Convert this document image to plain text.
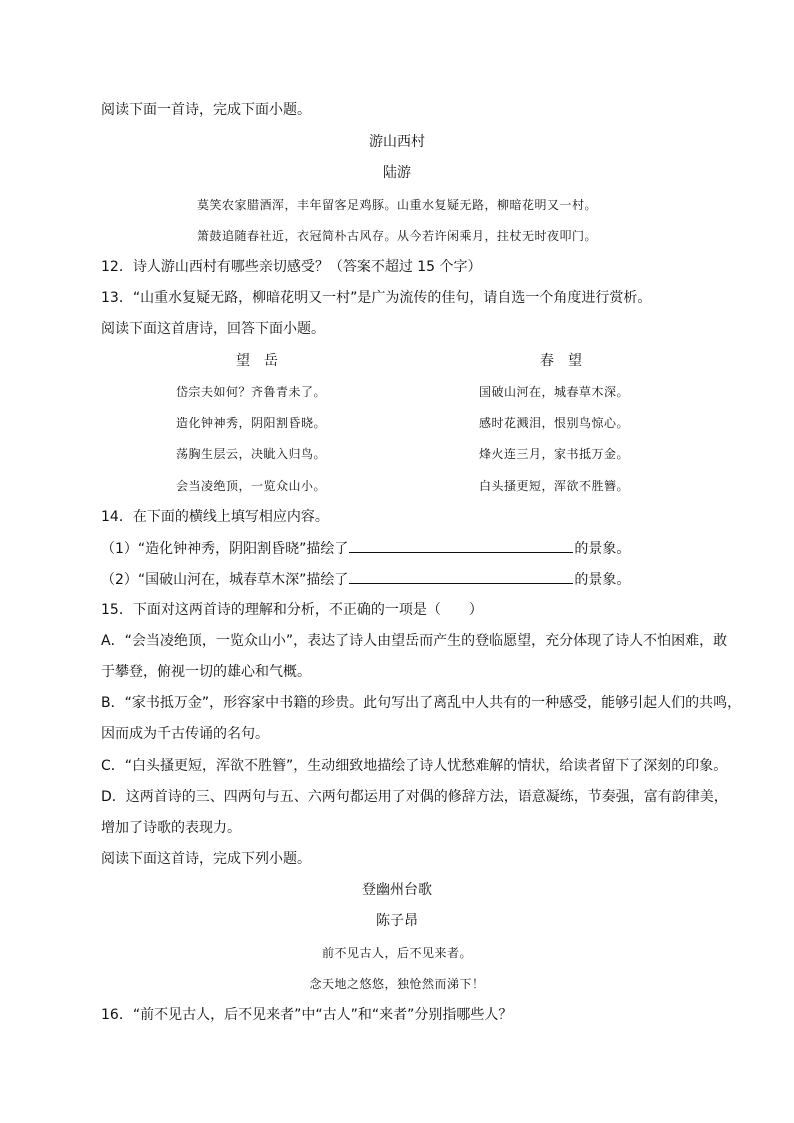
阅读下面一首诗，完成下面小题。
游山西村
陆游
莫笑农家腊酒浑，丰年留客足鸡豚。山重水复疑无路，柳暗花明又一村。
箫鼓追随春社近，衣冠简朴古风存。从今若许闲乘月，拄杖无时夜叩门。
12．诗人游山西村有哪些亲切感受？（答案不超过 15 个字）
13．“山重水复疑无路，柳暗花明又一村”是广为流传的佳句，请自选一个角度进行赏析。
阅读下面这首唐诗，回答下面小题。
望　岳	春　望
岱宗夫如何？齐鲁青未了。
造化钟神秀，阴阳割昏晓。
荡胸生层云，决眦入归鸟。
会当凌绝顶，一览众山小。
国破山河在，城春草木深。
感时花溅泪，恨别鸟惊心。
烽火连三月，家书抵万金。
白头搔更短，浑欲不胜簪。
14．在下面的横线上填写相应内容。
（1）“造化钟神秀，阴阳割昏晓”描绘了	的景象。
（2）“国破山河在，城春草木深”描绘了	的景象。
15．下面对这两首诗的理解和分析，不正确的一项是（　　）
A．“会当凌绝顶，一览众山小”，表达了诗人由望岳而产生的登临愿望，充分体现了诗人不怕困难，敢
于攀登，俯视一切的雄心和气概。
B．“家书抵万金”，形容家中书籍的珍贵。此句写出了离乱中人共有的一种感受，能够引起人们的共鸣，
因而成为千古传诵的名句。
C．“白头搔更短，浑欲不胜簪”，生动细致地描绘了诗人忧愁难解的情状，给读者留下了深刻的印象。
D．这两首诗的三、四两句与五、六两句都运用了对偶的修辞方法，语意凝练，节奏强，富有韵律美，
增加了诗歌的表现力。
阅读下面这首诗，完成下列小题。
登幽州台歌
陈子昂
前不见古人，后不见来者。
念天地之悠悠，独怆然而涕下！
16．“前不见古人，后不见来者”中“古人”和“来者”分别指哪些人？
